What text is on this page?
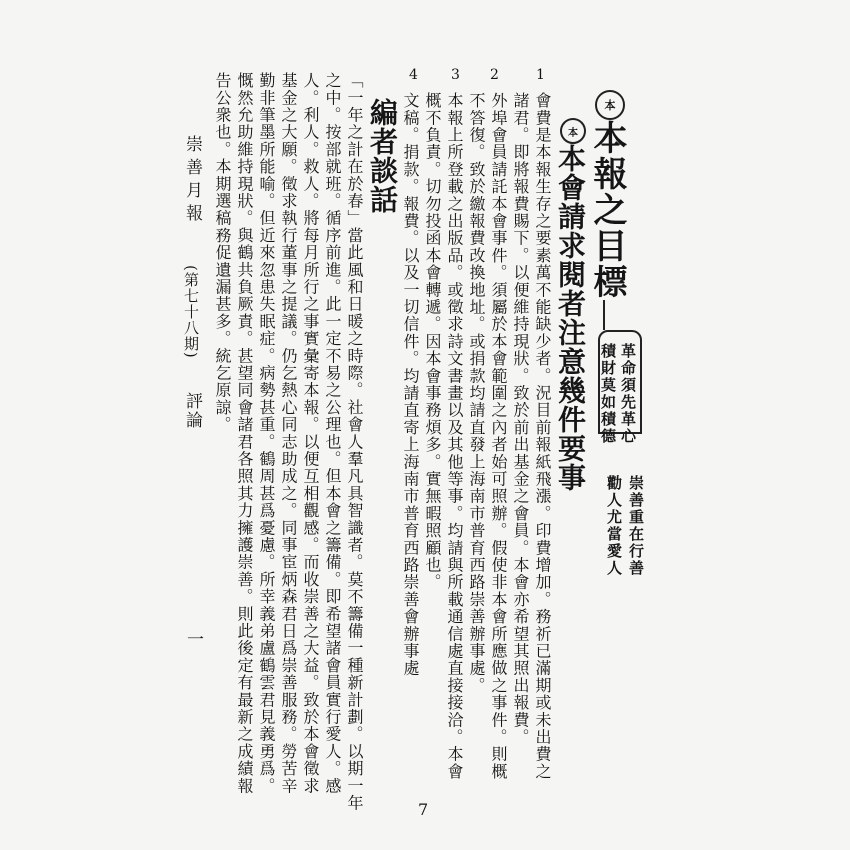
本
本報之目標
革命須先革心
積財莫如積德
崇善重在行善
勸人尤當愛人
本
本會請求閱者注意幾件要事
1
會費是本報生存之要素萬不能缺少者。況目前報紙飛漲。印費增加。務祈已滿期或未出費之
諸君。即將報費賜下。以便維持現狀。致於前出基金之會員。本會亦希望其照出報費。
2
外埠會員請託本會事件。須屬於本會範圍之內者始可照辦。假使非本會所應做之事件。則概
不答復。致於繳報費改換地址。或捐款均請直發上海南市普育西路崇善辦事處。
3
本報上所登載之出版品。或徵求詩文書畫以及其他等事。均請與所載通信處直接接洽。本會
概不負責。切勿投函本會轉遞。因本會事務煩多。實無暇照顧也。
4
文稿。捐款。報費。以及一切信件。均請直寄上海南市普育西路崇善會辦事處
編者談話
「一年之計在於春」當此風和日暖之時際。社會人羣凡具智識者。莫不籌備一種新計劃。以期一年
之中。按部就班。循序前進。此一定不易之公理也。但本會之籌備。即希望諸會員實行愛人。感
人。利人。救人。將每月所行之事實彙寄本報。以便互相觀感。而收崇善之大益。致於本會徵求
基金之大願。徵求執行董事之提議。仍乞熱心同志助成之。同事宦炳森君日爲崇善服務。勞苦辛
勤非筆墨所能喻。但近來忽患失眠症。病勢甚重。鶴周甚爲憂慮。所幸義弟盧鶴雲君見義勇爲。
慨然允助維持現狀。與鶴共負厥責。甚望同會諸君各照其力擁護崇善。則此後定有最新之成績報
告公衆也。本期選稿務促遺漏甚多。統乞原諒。
崇善月報
(第七十八期)
評論
一
7
